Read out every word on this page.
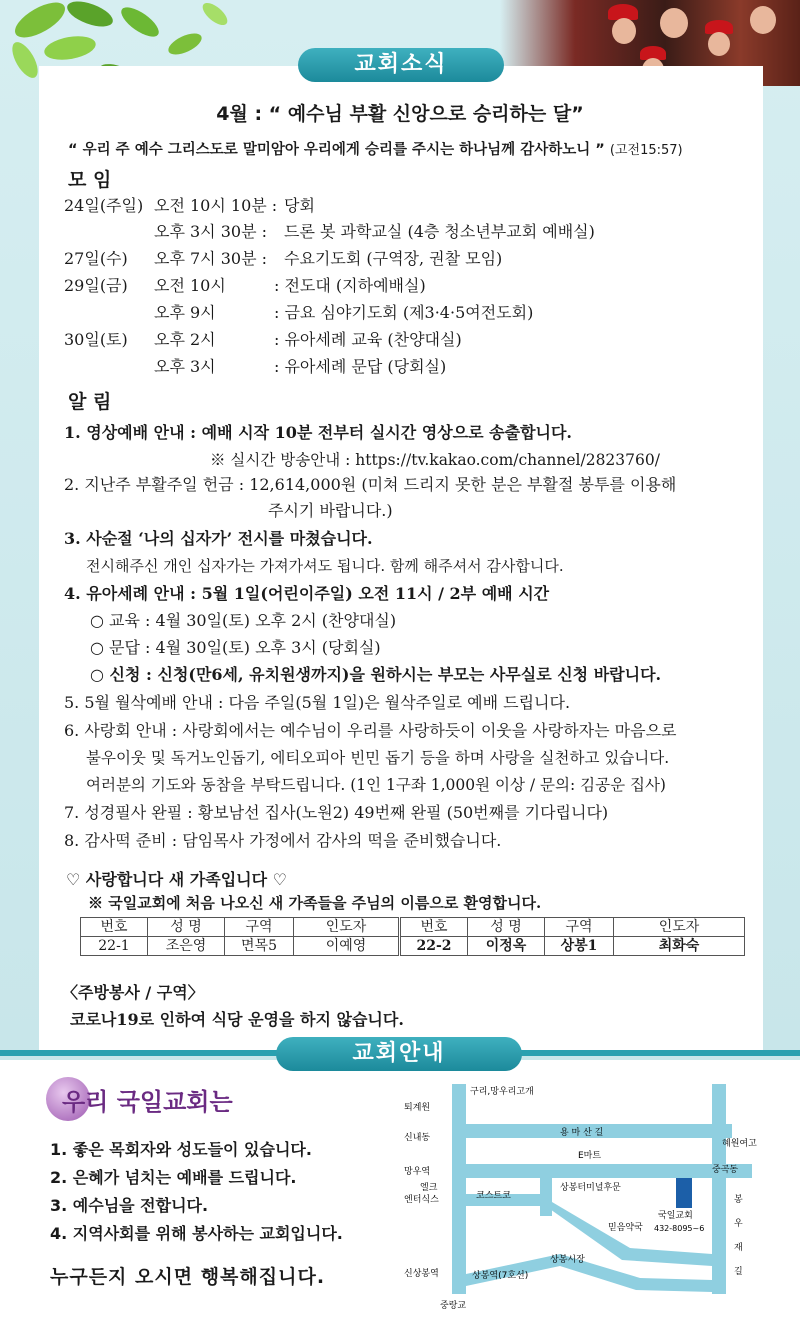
교회소식
4월 : “ 예수님 부활 신앙으로 승리하는 달”
“ 우리 주 예수 그리스도로 말미암아 우리에게 승리를 주시는 하나님께 감사하노니 ” (고전15:57)
모 임
24일(주일) 오전 10시 10분 : 당회
오후 3시 30분 : 드론 봇 과학교실 (4층 청소년부교회 예배실)
27일(수) 오후 7시 30분 : 수요기도회 (구역장, 권찰 모임)
29일(금) 오전 10시	: 전도대 (지하예배실)
오후 9시	: 금요 심야기도회 (제3·4·5여전도회)
30일(토) 오후 2시	: 유아세례 교육 (찬양대실)
오후 3시	: 유아세례 문답 (당회실)
알 림
1. 영상예배 안내 : 예배 시작 10분 전부터 실시간 영상으로 송출합니다.
※ 실시간 방송안내 : https://tv.kakao.com/channel/2823760/
2. 지난주 부활주일 헌금 : 12,614,000원 (미쳐 드리지 못한 분은 부활절 봉투를 이용해
주시기 바랍니다.)
3. 사순절 ‘나의 십자가’ 전시를 마쳤습니다.
전시해주신 개인 십자가는 가져가셔도 됩니다. 함께 해주셔서 감사합니다.
4. 유아세례 안내 : 5월 1일(어린이주일) 오전 11시 / 2부 예배 시간
○ 교육 : 4월 30일(토) 오후 2시 (찬양대실)
○ 문답 : 4월 30일(토) 오후 3시 (당회실)
○ 신청 : 신청(만6세, 유치원생까지)을 원하시는 부모는 사무실로 신청 바랍니다.
5. 5월 월삭예배 안내 : 다음 주일(5월 1일)은 월삭주일로 예배 드립니다.
6. 사랑회 안내 : 사랑회에서는 예수님이 우리를 사랑하듯이 이웃을 사랑하자는 마음으로
불우이웃 및 독거노인돕기, 에티오피아 빈민 돕기 등을 하며 사랑을 실천하고 있습니다.
여러분의 기도와 동참을 부탁드립니다. (1인 1구좌 1,000원 이상 / 문의: 김공운 집사)
7. 성경필사 완필 : 황보남선 집사(노원2) 49번째 완필 (50번째를 기다립니다)
8. 감사떡 준비 : 담임목사 가정에서 감사의 떡을 준비했습니다.
♡ 사랑합니다 새 가족입니다 ♡
※ 국일교회에 처음 나오신 새 가족들을 주님의 이름으로 환영합니다.
번호	성 명	구역	인도자	번호	성 명	구역	인도자
22-1	조은영	면목5	이예영	22-2	이정옥	상봉1	최화숙
〈주방봉사 / 구역〉
코로나19로 인하여 식당 운영을 하지 않습니다.
교회안내
우리 국일교회는
1. 좋은 목회자와 성도들이 있습니다.
2. 은혜가 넘치는 예배를 드립니다.
3. 예수님을 전합니다.
4. 지역사회를 위해 봉사하는 교회입니다.
누구든지 오시면 행복해집니다.
구리,망우리고개
퇴계원
용 마 산 길
신내동
E마트
혜원여고
망우역	중곡동
엘크
엔터식스	코스트코
상봉터미널후문
믿음약국
국일교회
432-8095~6
봉
우
재
길
상봉시장
신상봉역	상봉역(7호선)
중랑교
